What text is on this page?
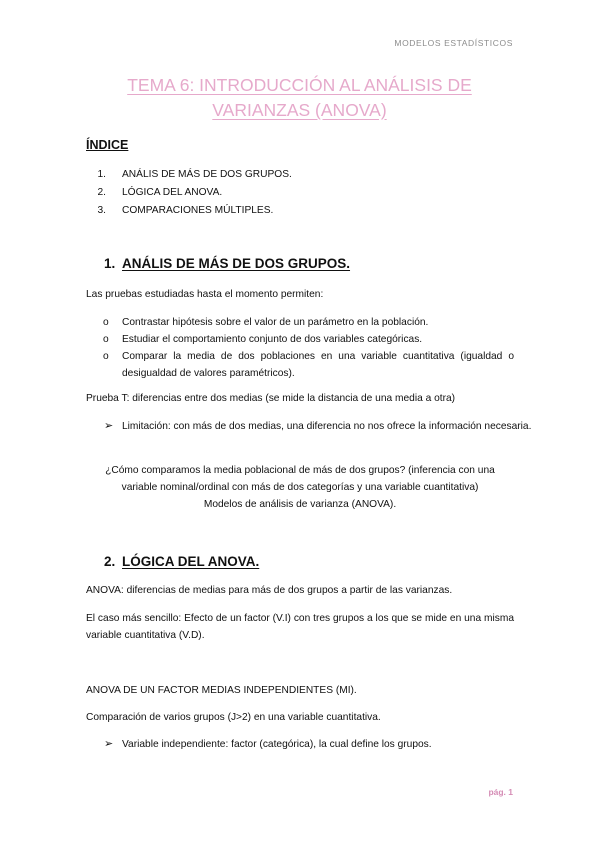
MODELOS ESTADÍSTICOS
TEMA 6: INTRODUCCIÓN AL ANÁLISIS DE VARIANZAS (ANOVA)
ÍNDICE
1. ANÁLIS DE MÁS DE DOS GRUPOS.
2. LÓGICA DEL ANOVA.
3. COMPARACIONES MÚLTIPLES.
1. ANÁLIS DE MÁS DE DOS GRUPOS.

Las pruebas estudiadas hasta el momento permiten:

o Contrastar hipótesis sobre el valor de un parámetro en la población.
o Estudiar el comportamiento conjunto de dos variables categóricas.
o Comparar la media de dos poblaciones en una variable cuantitativa (igualdad o desigualdad de valores paramétricos).

Prueba T: diferencias entre dos medias (se mide la distancia de una media a otra)

➢ Limitación: con más de dos medias, una diferencia no nos ofrece la información necesaria.

¿Cómo comparamos la media poblacional de más de dos grupos? (inferencia con una variable nominal/ordinal con más de dos categorías y una variable cuantitativa)

Modelos de análisis de varianza (ANOVA).

2. LÓGICA DEL ANOVA.

ANOVA: diferencias de medias para más de dos grupos a partir de las varianzas.

El caso más sencillo: Efecto de un factor (V.I) con tres grupos a los que se mide en una misma variable cuantitativa (V.D).

ANOVA DE UN FACTOR MEDIAS INDEPENDIENTES (MI).

Comparación de varios grupos (J>2) en una variable cuantitativa.

➢ Variable independiente: factor (categórica), la cual define los grupos.

pág. 1
